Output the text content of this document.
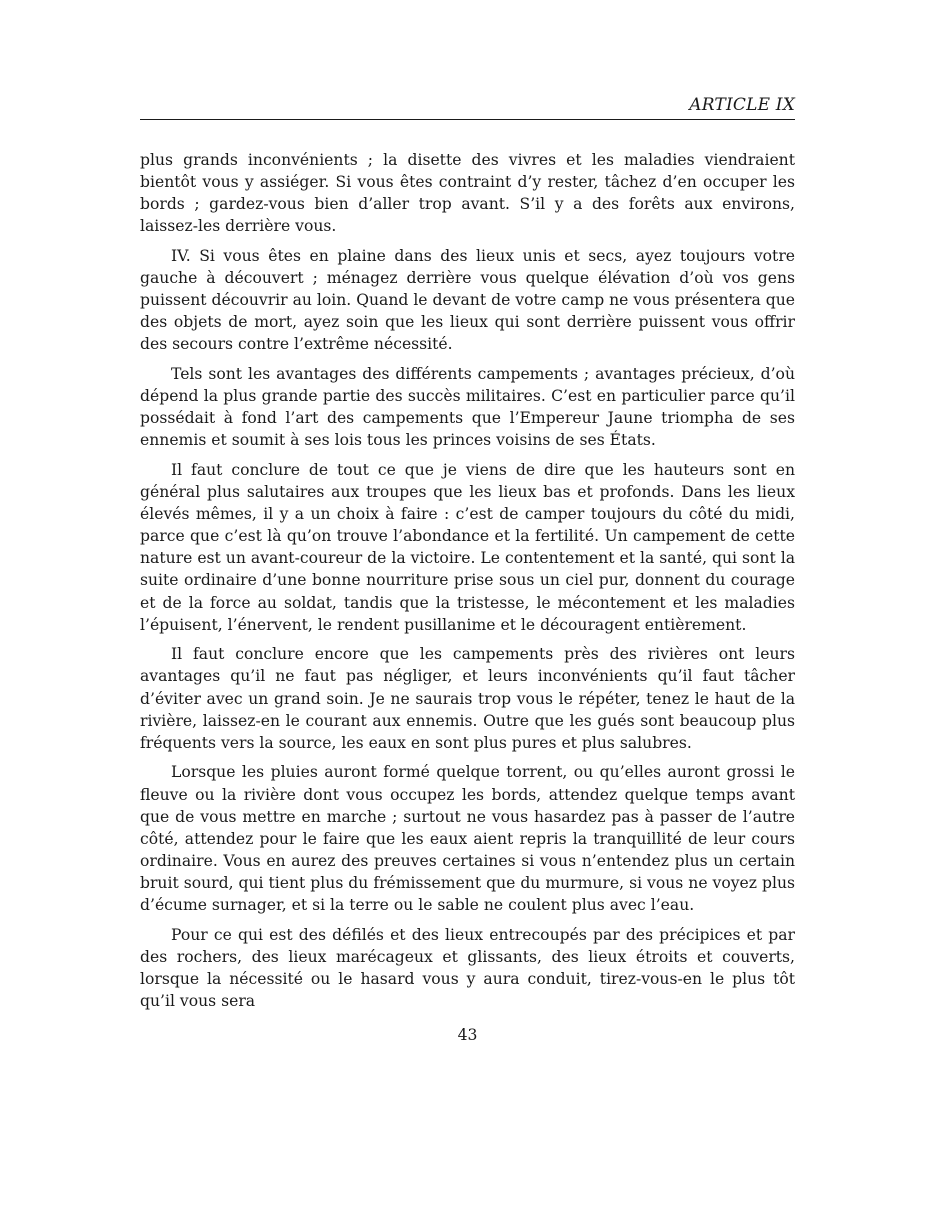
ARTICLE IX

plus grands inconvénients ; la disette des vivres et les maladies viendraient bientôt vous y assiéger. Si vous êtes contraint d’y rester, tâchez d’en occuper les bords ; gardez-vous bien d’aller trop avant. S’il y a des forêts aux environs, laissez-les derrière vous.

IV. Si vous êtes en plaine dans des lieux unis et secs, ayez toujours votre gauche à découvert ; ménagez derrière vous quelque élévation d’où vos gens puissent découvrir au loin. Quand le devant de votre camp ne vous présentera que des objets de mort, ayez soin que les lieux qui sont derrière puissent vous offrir des secours contre l’extrême nécessité.

Tels sont les avantages des différents campements ; avantages précieux, d’où dépend la plus grande partie des succès militaires. C’est en particulier parce qu’il possédait à fond l’art des campements que l’Empereur Jaune triompha de ses ennemis et soumit à ses lois tous les princes voisins de ses États.

Il faut conclure de tout ce que je viens de dire que les hauteurs sont en général plus salutaires aux troupes que les lieux bas et profonds. Dans les lieux élevés mêmes, il y a un choix à faire : c’est de camper toujours du côté du midi, parce que c’est là qu’on trouve l’abondance et la fertilité. Un campement de cette nature est un avant-coureur de la victoire. Le contentement et la santé, qui sont la suite ordinaire d’une bonne nourriture prise sous un ciel pur, donnent du courage et de la force au soldat, tandis que la tristesse, le mécontement et les maladies l’épuisent, l’énervent, le rendent pusillanime et le découragent entièrement.

Il faut conclure encore que les campements près des rivières ont leurs avantages qu’il ne faut pas négliger, et leurs inconvénients qu’il faut tâcher d’éviter avec un grand soin. Je ne saurais trop vous le répéter, tenez le haut de la rivière, laissez-en le courant aux ennemis. Outre que les gués sont beaucoup plus fréquents vers la source, les eaux en sont plus pures et plus salubres.

Lorsque les pluies auront formé quelque torrent, ou qu’elles auront grossi le fleuve ou la rivière dont vous occupez les bords, attendez quelque temps avant que de vous mettre en marche ; surtout ne vous hasardez pas à passer de l’autre côté, attendez pour le faire que les eaux aient repris la tranquillité de leur cours ordinaire. Vous en aurez des preuves certaines si vous n’entendez plus un certain bruit sourd, qui tient plus du frémissement que du murmure, si vous ne voyez plus d’écume surnager, et si la terre ou le sable ne coulent plus avec l’eau.

Pour ce qui est des défilés et des lieux entrecoupés par des précipices et par des rochers, des lieux marécageux et glissants, des lieux étroits et couverts, lorsque la nécessité ou le hasard vous y aura conduit, tirez-vous-en le plus tôt qu’il vous sera

43
